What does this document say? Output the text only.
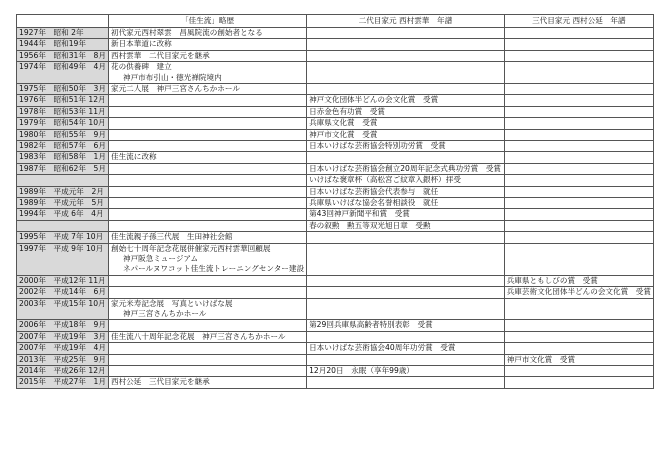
	「佳生流」略歴	二代目家元 西村雲華　年譜	三代目家元 西村公延　年譜
1927年　昭和 2年	初代家元西村翠雲　昌風院流の創始者となる		

1944年　昭和19年	新日本華道に改称		

1956年　昭和31年　8月	西村雲華　二代目家元を継承		

1974年　昭和49年　4月	花の供養碑　建立
神戸市布引山・徳光禅院境内		

1975年　昭和50年　3月	家元二人展　神戸三宮さんちかホール		

1976年　昭和51年 12月		神戸文化団体半どんの会文化賞　受賞	

1978年　昭和53年 11月		日赤金色有功賞　受賞	

1979年　昭和54年 10月		兵庫県文化賞　受賞	

1980年　昭和55年　9月		神戸市文化賞　受賞	

1982年　昭和57年　6月		日本いけばな芸術協会特別功労賞　受賞	

1983年　昭和58年　1月	佳生流に改称		

1987年　昭和62年　5月		日本いけばな芸術協会創立20周年記念式典功労賞　受賞	

		いけばな褒章杯（高松宮ご紋章入銀杯）拝受	

1989年　平成元年　2月		日本いけばな芸術協会代表参与　就任	

1989年　平成元年　5月		兵庫県いけばな協会名誉相談役　就任	

1994年　平成 6年　4月		第43回神戸新聞平和賞　受賞	

		春の叙勲　勲五等双光旭日章　受勲	

1995年　平成 7年 10月	佳生流親子孫三代展　生田神社会館		

1997年　平成 9年 10月	創始七十周年記念花展併催家元西村雲華回顧展
神戸阪急ミュージアム
ネパールヌワコット佳生流トレーニングセンター建設		

2000年　平成12年 11月			兵庫県ともしびの賞　受賞

2002年　平成14年　6月			兵庫芸術文化団体半どんの会文化賞　受賞

2003年　平成15年 10月	家元米寿記念展　写真といけばな展
神戸三宮さんちかホール		

2006年　平成18年　9月		第29回兵庫県高齢者特別表彰　受賞	

2007年　平成19年　3月	佳生流八十周年記念花展　神戸三宮さんちかホール		

2007年　平成19年　4月		日本いけばな芸術協会40周年功労賞　受賞	

2013年　平成25年　9月			神戸市文化賞　受賞

2014年　平成26年 12月		12月20日　永眠（享年99歳）	

2015年　平成27年　1月	西村公延　三代目家元を継承		
